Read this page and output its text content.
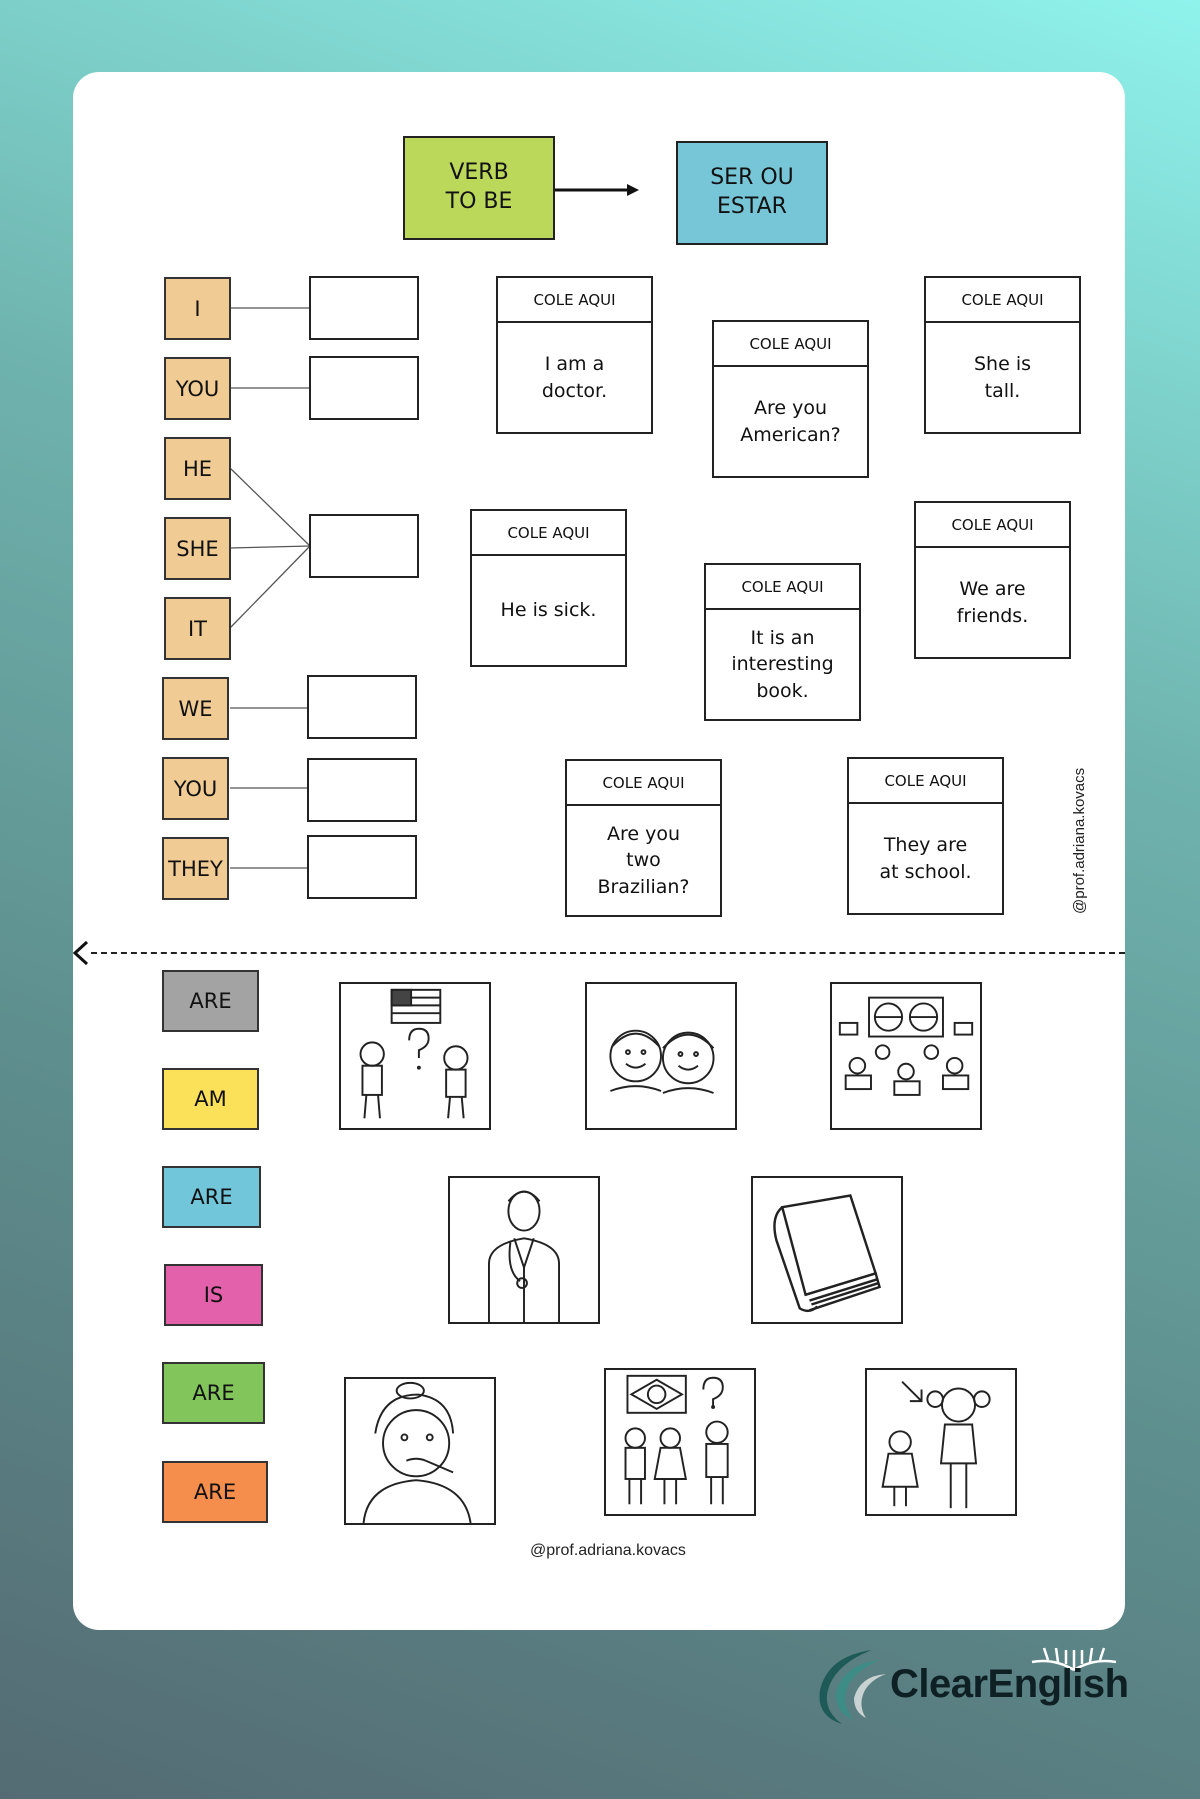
VERB
TO BE
SER OU
ESTAR
I
YOU
HE
SHE
IT
WE
YOU
THEY
COLE AQUI
I am a
doctor.
COLE AQUI
Are you
American?
COLE AQUI
She is
tall.
COLE AQUI
He is sick.
COLE AQUI
It is an
interesting
book.
COLE AQUI
We are
friends.
COLE AQUI
Are you
two
Brazilian?
COLE AQUI
They are
at school.	@prof.adriana.kovacs
ARE
AM
ARE
IS
ARE
ARE
@prof.adriana.kovacs
ClearEnglish
